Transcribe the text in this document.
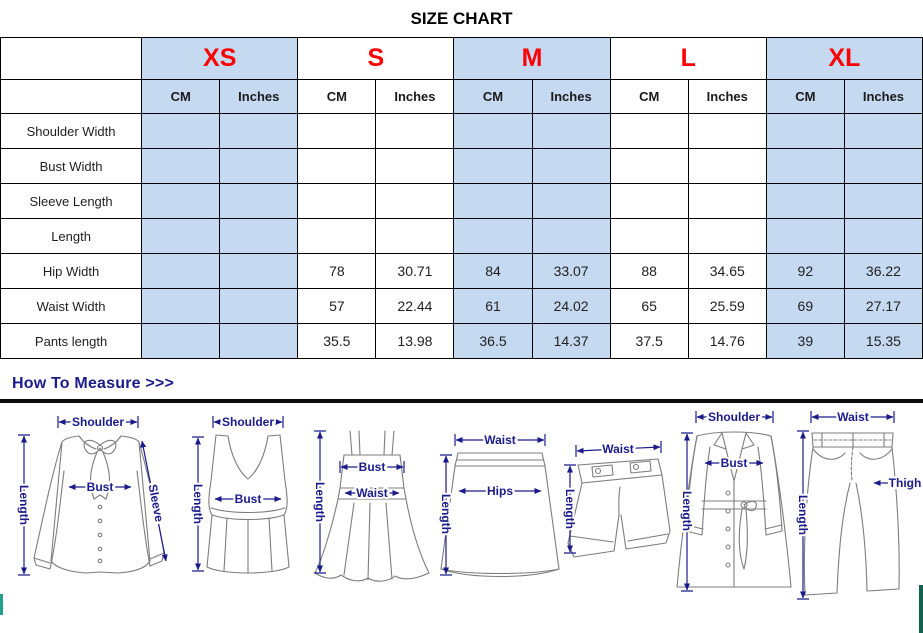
SIZE CHART
	XS		S		M		L		XL	
	CM	Inches	CM	Inches	CM	Inches	CM	Inches	CM	Inches
Shoulder Width										
Bust Width										
Sleeve Length										
Length										
Hip Width			78	30.71	84	33.07	88	34.65	92	36.22
Waist Width			57	22.44	61	24.02	65	25.59	69	27.17
Pants length			35.5	13.98	36.5	14.37	37.5	14.76	39	15.35
How To Measure >>>
Shoulder
Length	Bust	Sleeve
Shoulder
Length Bust	Length
Bust
Waist
Waist
Length
Hips
Waist
Length
Shoulder
Length
Bust
Waist
Length
Thigh
